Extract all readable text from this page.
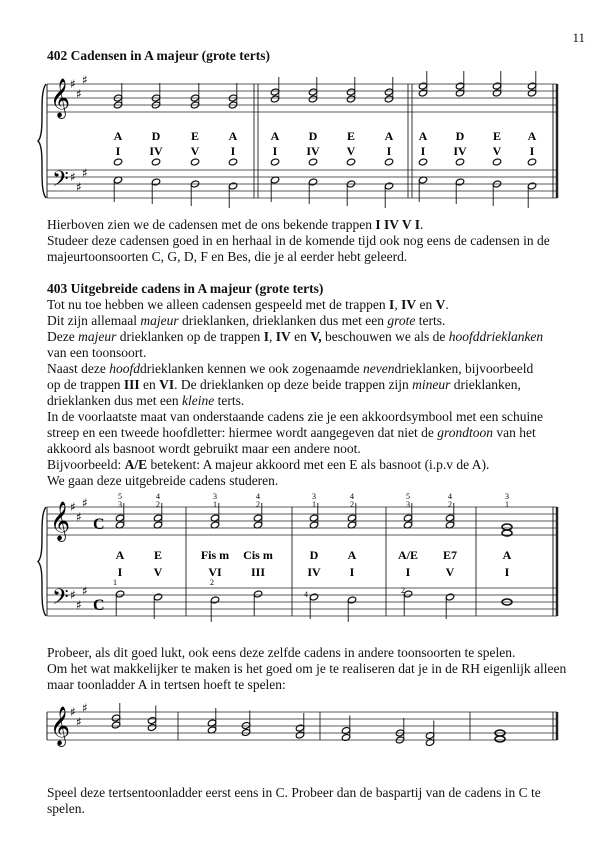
11
402 Cadensen in A majeur (grote terts)
𝄞
𝄢
♯
♯
♯
♯
♯
♯
A
I
D
IV
E
V
A
I
A
I
D
IV
E
V
A
I
A
I
D
IV
E
V
A
I
𝄞
𝄢
♯
♯
♯
♯
♯
♯
C
C
5
3
A
I
4
2
E
V
3
1
Fis m
VI
4
2
Cis m
III
3
1
D
IV
4
2
A
I
5
3
A/E
I
4
2
E7
V
3
1
A
I
1	2
4	2
𝄞 ♯
♯
♯

Hierboven zien we de cadensen met de ons bekende trappen I IV V I.

Studeer deze cadensen goed in en herhaal in de komende tijd ook nog eens de cadensen in de majeurtoonsoorten C, G, D, F en Bes, die je al eerder hebt geleerd.

403 Uitgebreide cadens in A majeur (grote terts)

Tot nu toe hebben we alleen cadensen gespeeld met de trappen I, IV en V.

Dit zijn allemaal majeur drieklanken, drieklanken dus met een grote terts.

Deze majeur drieklanken op de trappen I, IV en V, beschouwen we als de hoofddrieklanken

van een toonsoort.

Naast deze hoofddrieklanken kennen we ook zogenaamde nevendrieklanken, bijvoorbeeld

op de trappen III en VI. De drieklanken op deze beide trappen zijn mineur drieklanken,

drieklanken dus met een kleine terts.

In de voorlaatste maat van onderstaande cadens zie je een akkoordsymbool met een schuine

streep en een tweede hoofdletter: hiermee wordt aangegeven dat niet de grondtoon van het

akkoord als basnoot wordt gebruikt maar een andere noot.

Bijvoorbeeld: A/E betekent: A majeur akkoord met een E als basnoot (i.p.v de A).

We gaan deze uitgebreide cadens studeren.

Probeer, als dit goed lukt, ook eens deze zelfde cadens in andere toonsoorten te spelen.

Om het wat makkelijker te maken is het goed om je te realiseren dat je in de RH eigenlijk alleen maar toonladder A in tertsen hoeft te spelen:

Speel deze tertsentoonladder eerst eens in C. Probeer dan de baspartij van de cadens in C te spelen.
